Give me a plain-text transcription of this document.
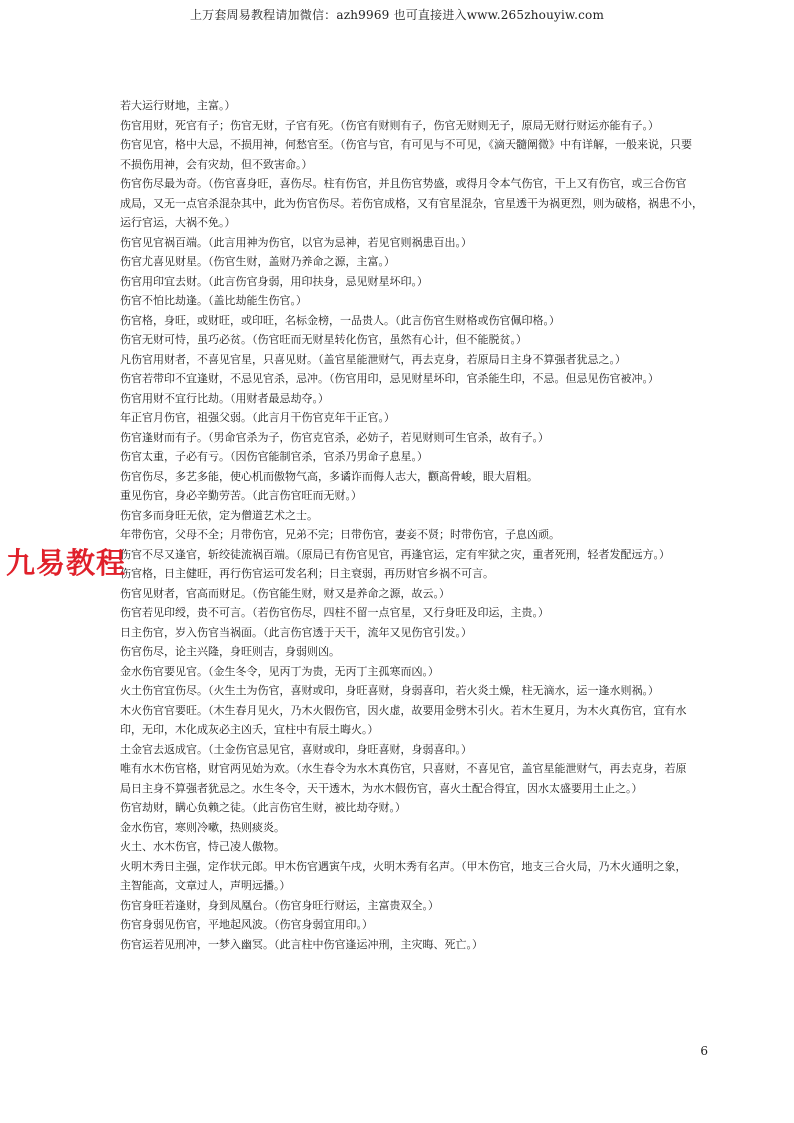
上万套周易教程请加微信：azh9969 也可直接进入www.265zhouyiw.com
若大运行财地，主富。）
伤官用财，死官有子；伤官无财，子官有死。（伤官有财则有子，伤官无财则无子，原局无财行财运亦能有子。）
伤官见官，格中大忌，不损用神，何愁官至。（伤官与官，有可见与不可见，《滴天髓阐微》中有详解，一般来说，只要
不损伤用神，会有灾劫，但不致害命。）
伤官伤尽最为奇。（伤官喜身旺，喜伤尽。柱有伤官，并且伤官势盛，或得月令本气伤官，干上又有伤官，或三合伤官
成局，又无一点官杀混杂其中，此为伤官伤尽。若伤官成格，又有官星混杂，官星透干为祸更烈，则为破格，祸患不小，
运行官运，大祸不免。）
伤官见官祸百端。（此言用神为伤官，以官为忌神，若见官则祸患百出。）
伤官尤喜见财星。（伤官生财，盖财乃养命之源，主富。）
伤官用印宜去财。（此言伤官身弱，用印扶身，忌见财星坏印。）
伤官不怕比劫逢。（盖比劫能生伤官。）
伤官格，身旺，或财旺，或印旺，名标金榜，一品贵人。（此言伤官生财格或伤官佩印格。）
伤官无财可恃，虽巧必贫。（伤官旺而无财星转化伤官，虽然有心计，但不能脱贫。）
凡伤官用财者，不喜见官星，只喜见财。（盖官星能泄财气，再去克身，若原局日主身不算强者犹忌之。）
伤官若带印不宜逢财，不忌见官杀，忌冲。（伤官用印，忌见财星坏印，官杀能生印，不忌。但忌见伤官被冲。）
伤官用财不宜行比劫。（用财者最忌劫夺。）
年正官月伤官，祖强父弱。（此言月干伤官克年干正官。）
伤官逢财而有子。（男命官杀为子，伤官克官杀，必妨子，若见财则可生官杀，故有子。）
伤官太重，子必有亏。（因伤官能制官杀，官杀乃男命子息星。）
伤官伤尽，多艺多能，使心机而傲物气高，多谲诈而侮人志大，颧高骨峻，眼大眉粗。
重见伤官，身必辛勤劳苦。（此言伤官旺而无财。）
伤官多而身旺无依，定为僧道艺术之士。
年带伤官，父母不全；月带伤官，兄弟不完；日带伤官，妻妾不贤；时带伤官，子息凶顽。
伤官不尽又逢官，斩绞徒流祸百端。（原局已有伤官见官，再逢官运，定有牢狱之灾，重者死刑，轻者发配远方。）
伤官格，日主健旺，再行伤官运可发名利；日主衰弱，再历财官乡祸不可言。
伤官见财者，官高而财足。（伤官能生财，财又是养命之源，故云。）
伤官若见印绶，贵不可言。（若伤官伤尽，四柱不留一点官星，又行身旺及印运，主贵。）
日主伤官，岁入伤官当祸面。（此言伤官透于天干，流年又见伤官引发。）
伤官伤尽，论主兴隆，身旺则吉，身弱则凶。
金水伤官要见官。（金生冬令，见丙丁为贵，无丙丁主孤寒而凶。）
火土伤官宜伤尽。（火生土为伤官，喜财或印，身旺喜财，身弱喜印，若火炎土燥，柱无滴水，运一逢水则祸。）
木火伤官官要旺。（木生春月见火，乃木火假伤官，因火虚，故要用金劈木引火。若木生夏月，为木火真伤官，宜有水
印，无印，木化成灰必主凶夭，宜柱中有辰土晦火。）
土金官去返成官。（土金伤官忌见官，喜财或印，身旺喜财，身弱喜印。）
唯有水木伤官格，财官两见始为欢。（水生春令为水木真伤官，只喜财，不喜见官，盖官星能泄财气，再去克身，若原
局日主身不算强者犹忌之。水生冬令，天干透木，为水木假伤官，喜火土配合得宜，因水太盛要用土止之。）
伤官劫财，瞒心负赖之徒。（此言伤官生财，被比劫夺财。）
金水伤官，寒则冷嗽，热则痰炎。
火土、水木伤官，恃己凌人傲物。
火明木秀日主强，定作状元郎。甲木伤官遇寅午戌，火明木秀有名声。（甲木伤官，地支三合火局，乃木火通明之象，
主智能高，文章过人，声明远播。）
伤官身旺若逢财，身到凤凰台。（伤官身旺行财运，主富贵双全。）
伤官身弱见伤官，平地起风波。（伤官身弱宜用印。）
伤官运若见刑冲，一梦入幽冥。（此言柱中伤官逢运冲刑，主灾晦、死亡。）
九易教程
6
